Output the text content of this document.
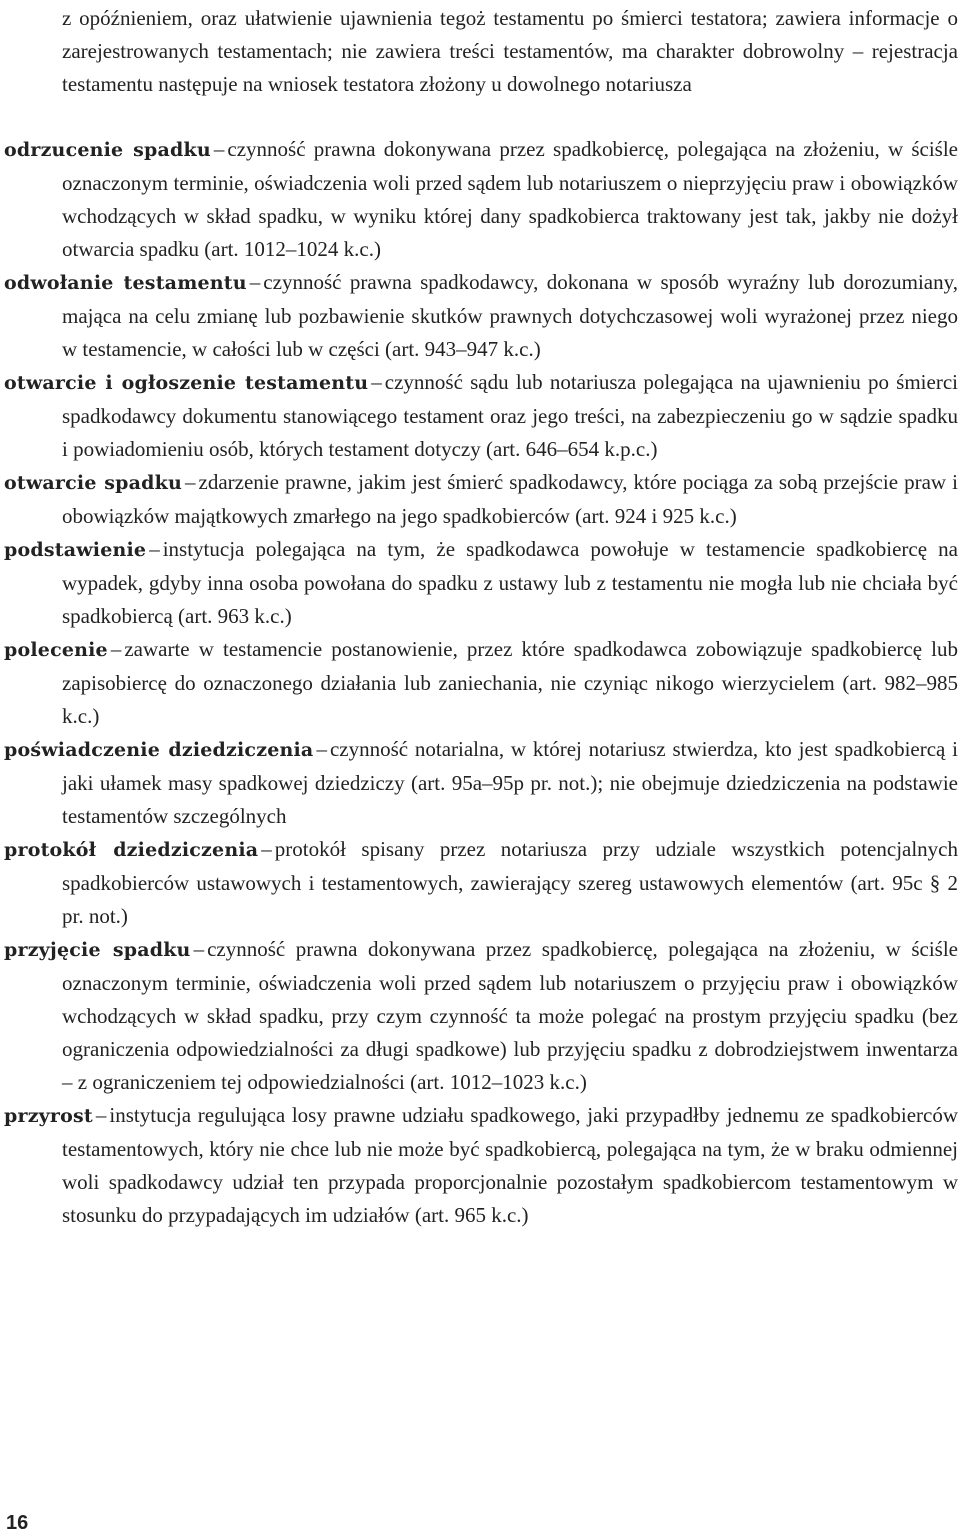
z opóźnieniem, oraz ułatwienie ujawnienia tegoż testamentu po śmierci testatora; zawiera informacje o zarejestrowanych testamentach; nie zawiera treści testamentów, ma charakter dobrowolny – rejestracja testamentu następuje na wniosek testatora złożony u dowolnego notariusza

odrzucenie spadku – czynność prawna dokonywana przez spadkobiercę, polegająca na złożeniu, w ściśle oznaczonym terminie, oświadczenia woli przed sądem lub notariuszem o nieprzyjęciu praw i obowiązków wchodzących w skład spadku, w wyniku której dany spadkobierca traktowany jest tak, jakby nie dożył otwarcia spadku (art. 1012–1024 k.c.)

odwołanie testamentu – czynność prawna spadkodawcy, dokonana w sposób wyraźny lub dorozumiany, mająca na celu zmianę lub pozbawienie skutków prawnych dotychczasowej woli wyrażonej przez niego w testamencie, w całości lub w części (art. 943–947 k.c.)

otwarcie i ogłoszenie testamentu – czynność sądu lub notariusza polegająca na ujawnieniu po śmierci spadkodawcy dokumentu stanowiącego testament oraz jego treści, na zabezpieczeniu go w sądzie spadku i powiadomieniu osób, których testament dotyczy (art. 646–654 k.p.c.)

otwarcie spadku – zdarzenie prawne, jakim jest śmierć spadkodawcy, które pociąga za sobą przejście praw i obowiązków majątkowych zmarłego na jego spadkobierców (art. 924 i 925 k.c.)

podstawienie – instytucja polegająca na tym, że spadkodawca powołuje w testamencie spadkobiercę na wypadek, gdyby inna osoba powołana do spadku z ustawy lub z testamentu nie mogła lub nie chciała być spadkobiercą (art. 963 k.c.)

polecenie – zawarte w testamencie postanowienie, przez które spadkodawca zobowiązuje spadkobiercę lub zapisobiercę do oznaczonego działania lub zaniechania, nie czyniąc nikogo wierzycielem (art. 982–985 k.c.)

poświadczenie dziedziczenia – czynność notarialna, w której notariusz stwierdza, kto jest spadkobiercą i jaki ułamek masy spadkowej dziedziczy (art. 95a–95p pr. not.); nie obejmuje dziedziczenia na podstawie testamentów szczególnych

protokół dziedziczenia – protokół spisany przez notariusza przy udziale wszystkich potencjalnych spadkobierców ustawowych i testamentowych, zawierający szereg ustawowych elementów (art. 95c § 2 pr. not.)

przyjęcie spadku – czynność prawna dokonywana przez spadkobiercę, polegająca na złożeniu, w ściśle oznaczonym terminie, oświadczenia woli przed sądem lub notariuszem o przyjęciu praw i obowiązków wchodzących w skład spadku, przy czym czynność ta może polegać na prostym przyjęciu spadku (bez ograniczenia odpowiedzialności za długi spadkowe) lub przyjęciu spadku z dobrodziejstwem inwentarza – z ograniczeniem tej odpowiedzialności (art. 1012–1023 k.c.)

przyrost – instytucja regulująca losy prawne udziału spadkowego, jaki przypadłby jednemu ze spadkobierców testamentowych, który nie chce lub nie może być spadkobiercą, polegająca na tym, że w braku odmiennej woli spadkodawcy udział ten przypada proporcjonalnie pozostałym spadkobiercom testamentowym w stosunku do przypadających im udziałów (art. 965 k.c.)

16
